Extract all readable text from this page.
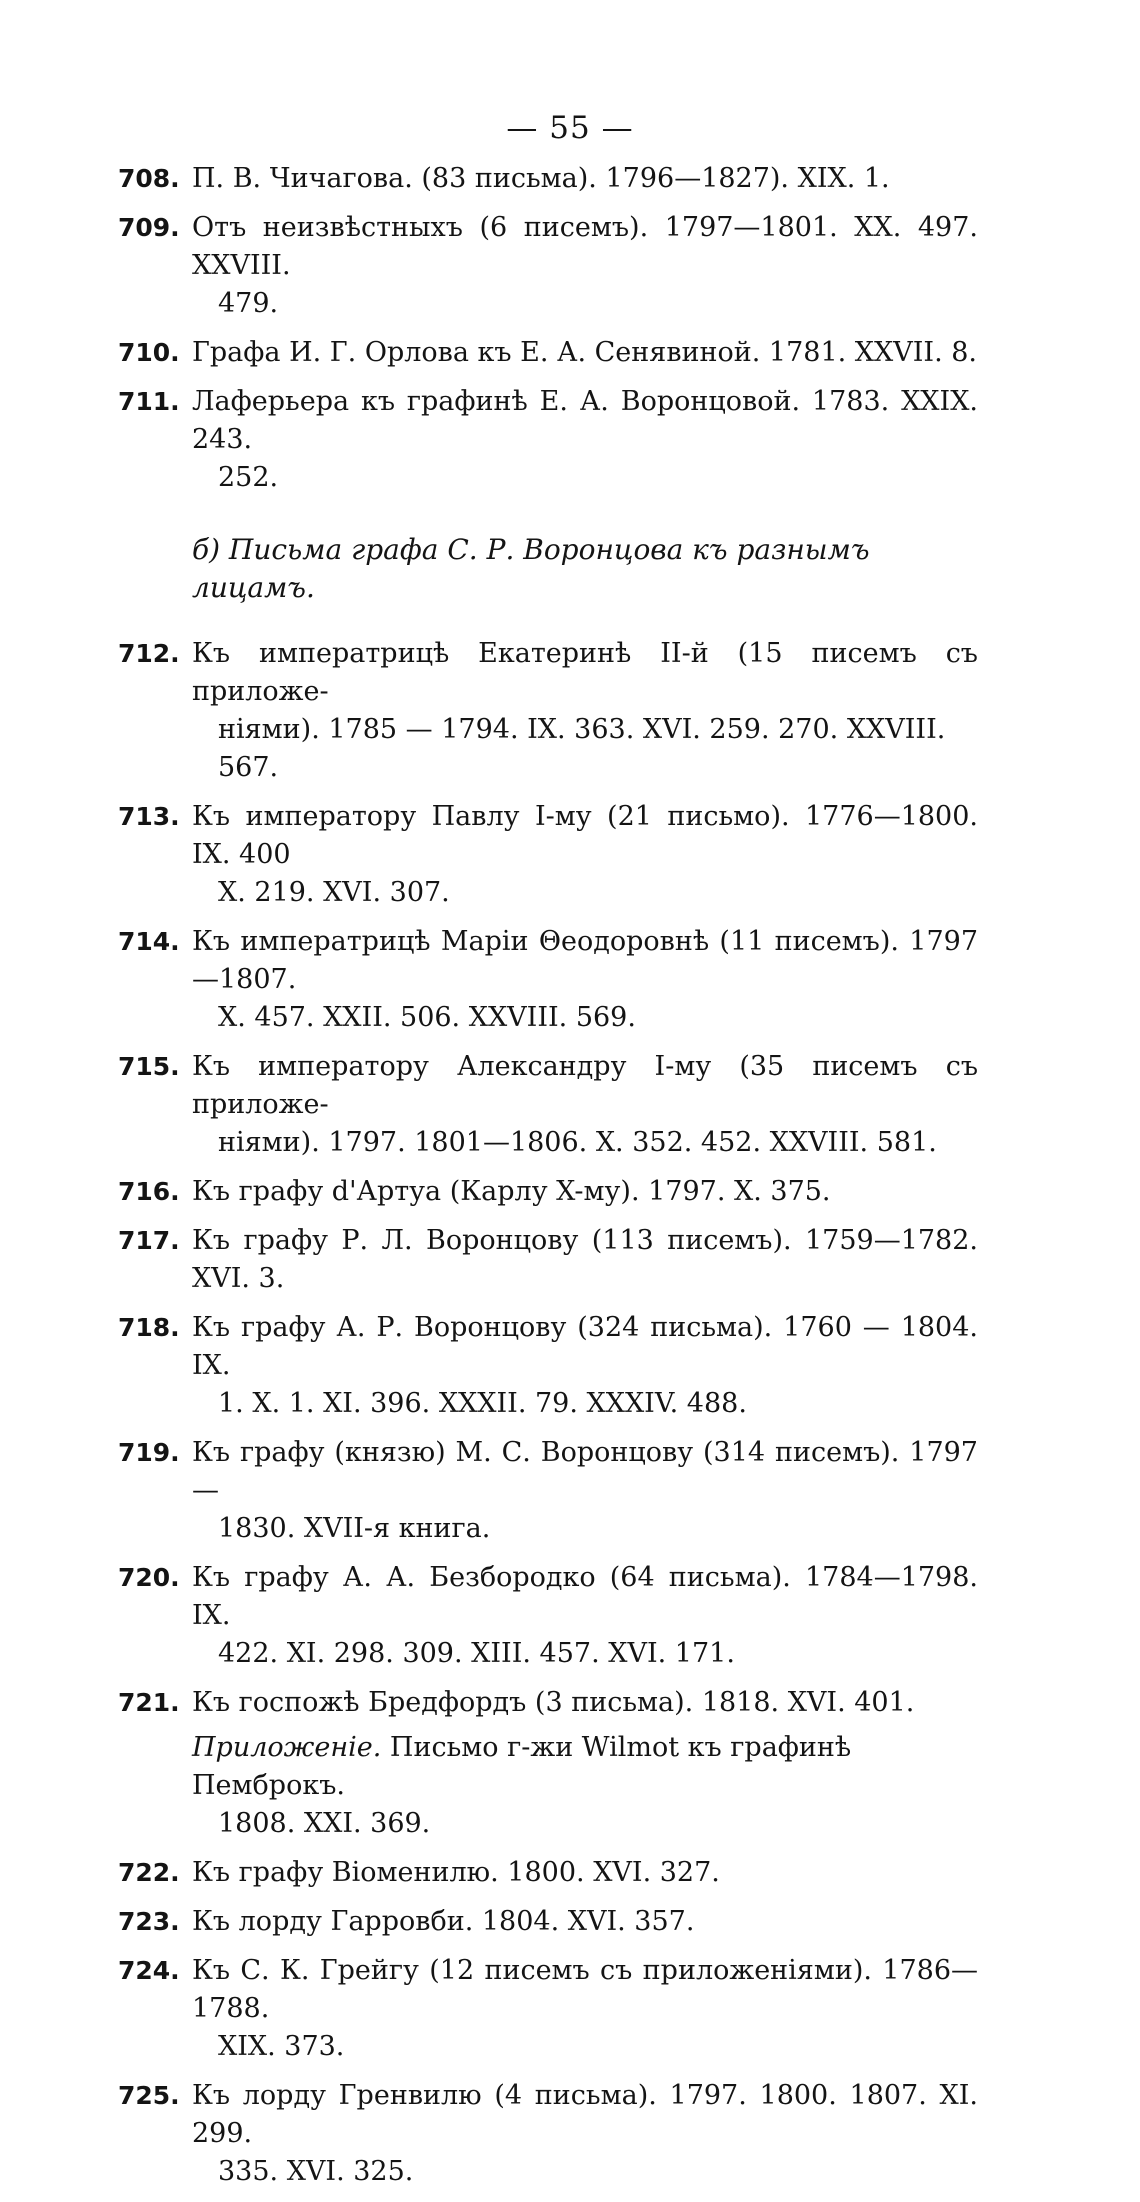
— 55 —
708. П. В. Чичагова. (83 письма). 1796—1827). XIX. 1.
709. Отъ неизвѣстныхъ (6 писемъ). 1797—1801. XX. 497. XXVIII.
479.
710. Графа И. Г. Орлова къ Е. А. Сенявиной. 1781. XXVII. 8.
711. Лаферьера къ графинѣ Е. А. Воронцовой. 1783. XXIX. 243.
252.
б) Письма графа С. Р. Воронцова къ разнымъ лицамъ.
712. Къ императрицѣ Екатеринѣ II-й (15 писемъ съ приложе-
ніями). 1785 — 1794. IX. 363. XVI. 259. 270. XXVIII.
567.
713. Къ императору Павлу I-му (21 письмо). 1776—1800. IX. 400
X. 219. XVI. 307.
714. Къ императрицѣ Маріи Θеодоровнѣ (11 писемъ). 1797—1807.
X. 457. XXII. 506. XXVIII. 569.
715. Къ императору Александру I-му (35 писемъ съ приложе-
ніями). 1797. 1801—1806. X. 352. 452. XXVIII. 581.
716. Къ графу d'Артуа (Карлу X-му). 1797. X. 375.
717. Къ графу Р. Л. Воронцову (113 писемъ). 1759—1782. XVI. 3.
718. Къ графу А. Р. Воронцову (324 письма). 1760 — 1804. IX.
1. X. 1. XI. 396. XXXII. 79. XXXIV. 488.
719. Къ графу (князю) М. С. Воронцову (314 писемъ). 1797—
1830. XVII-я книга.
720. Къ графу А. А. Безбородко (64 письма). 1784—1798. IX.
422. XI. 298. 309. XIII. 457. XVI. 171.
721. Къ госпожѣ Бредфордъ (3 письма). 1818. XVI. 401.
Приложеніе. Письмо г-жи Wilmot къ графинѣ Пемброкъ.
1808. XXI. 369.
722. Къ графу Віоменилю. 1800. XVI. 327.
723. Къ лорду Гарровби. 1804. XVI. 357.
724. Къ С. К. Грейгу (12 писемъ съ приложеніями). 1786—1788.
XIX. 373.
725. Къ лорду Гренвилю (4 письма). 1797. 1800. 1807. XI. 299.
335. XVI. 325.
